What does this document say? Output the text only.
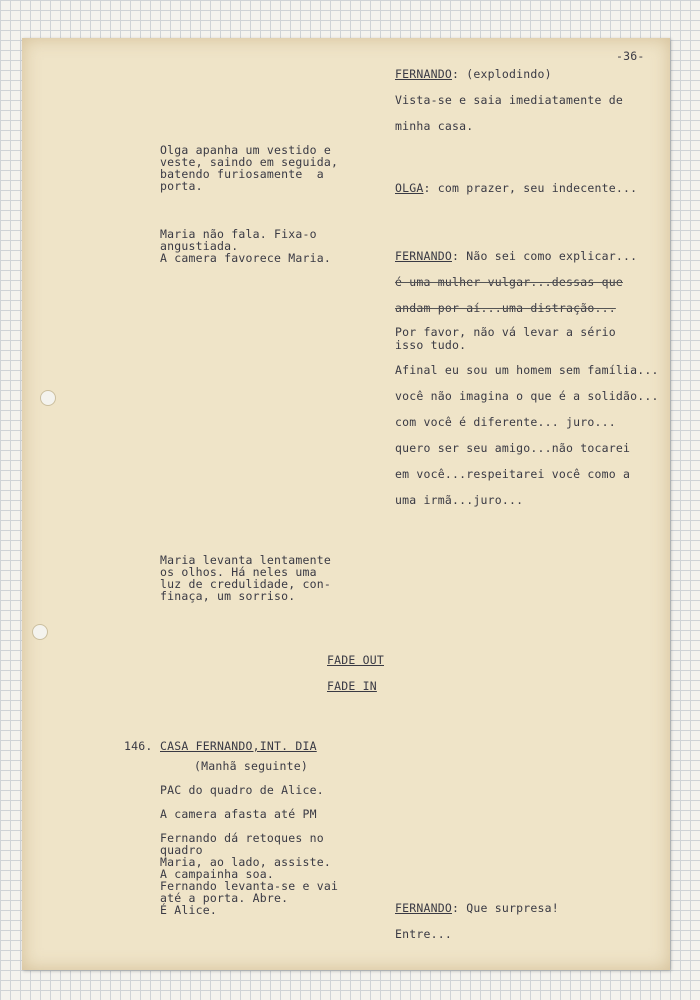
-36-

FERNANDO: (explodindo)

Vista-se e saia imediatamente de

minha casa.

OLGA: com prazer, seu indecente...

FERNANDO: Não sei como explicar...

é uma mulher vulgar...dessas que

andam por aí...uma distração...

Por favor, não vá levar a sério

isso tudo.

Afinal eu sou um homem sem família...

você não imagina o que é a solidão...

com você é diferente... juro...

quero ser seu amigo...não tocarei

em você...respeitarei você como a

uma irmã...juro...

Olga apanha um vestido e

veste, saindo em seguida,

batendo furiosamente  a

porta.

Maria não fala. Fixa-o

angustiada.

A camera favorece Maria.

Maria levanta lentamente

os olhos. Há neles uma

luz de credulidade, con-

finaça, um sorriso.

FADE OUT

FADE IN

146. CASA FERNANDO,INT. DIA

(Manhã seguinte)

PAC do quadro de Alice.

A camera afasta até PM

Fernando dá retoques no

quadro

Maria, ao lado, assiste.

A campainha soa.

Fernando levanta-se e vai

até a porta. Abre.

É Alice.	FERNANDO: Que surpresa!

Entre...
